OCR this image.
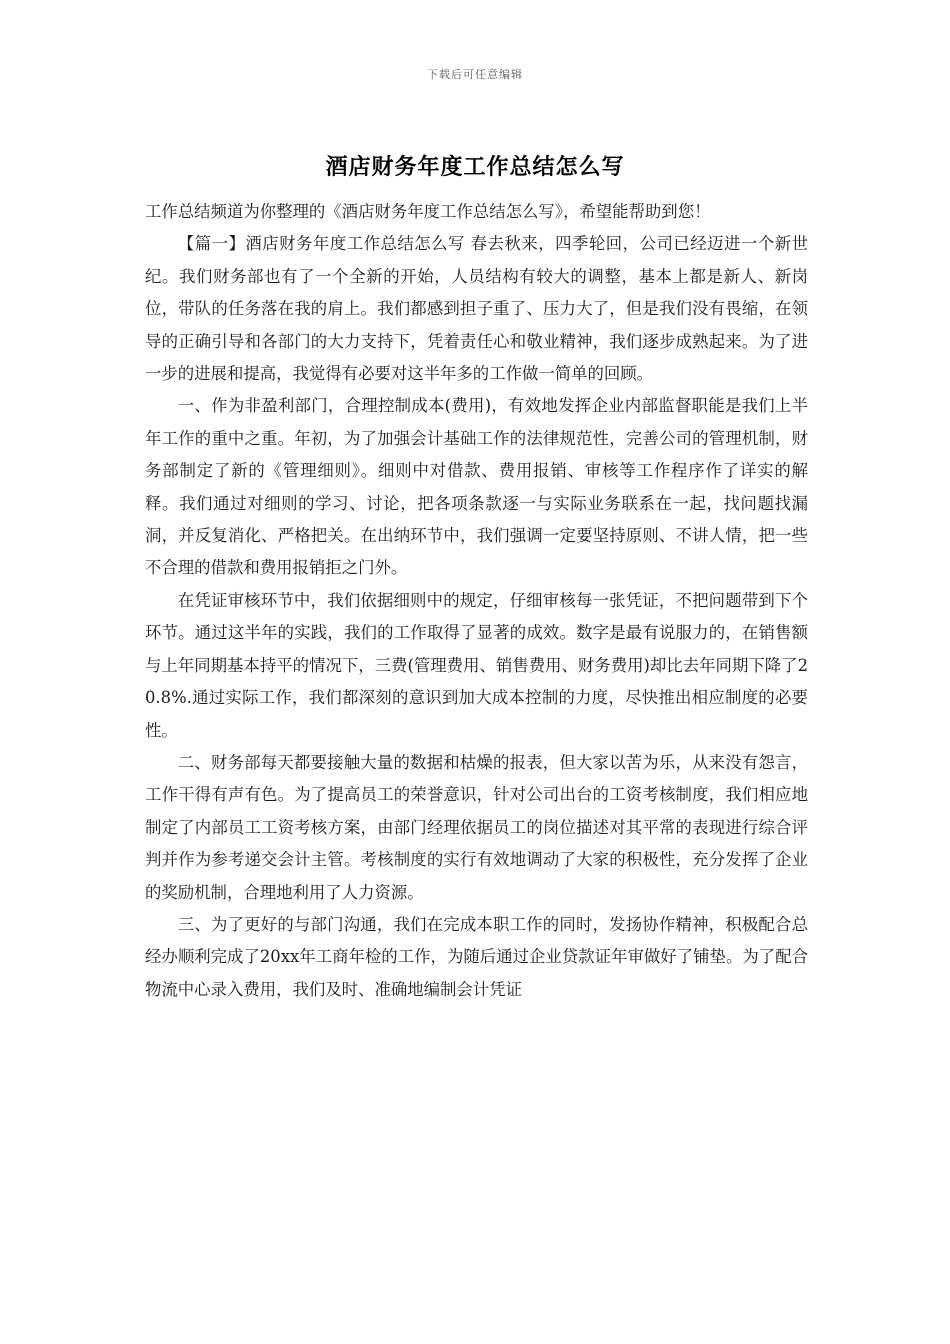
下载后可任意编辑
酒店财务年度工作总结怎么写

工作总结频道为你整理的《酒店财务年度工作总结怎么写》，希望能帮助到您！

【篇一】酒店财务年度工作总结怎么写 春去秋来，四季轮回，公司已经迈进一个新世纪。我们财务部也有了一个全新的开始，人员结构有较大的调整，基本上都是新人、新岗位，带队的任务落在我的肩上。我们都感到担子重了、压力大了，但是我们没有畏缩，在领导的正确引导和各部门的大力支持下，凭着责任心和敬业精神，我们逐步成熟起来。为了进一步的进展和提高，我觉得有必要对这半年多的工作做一简单的回顾。

一、作为非盈利部门，合理控制成本(费用)，有效地发挥企业内部监督职能是我们上半年工作的重中之重。年初，为了加强会计基础工作的法律规范性，完善公司的管理机制，财务部制定了新的《管理细则》。细则中对借款、费用报销、审核等工作程序作了详实的解释。我们通过对细则的学习、讨论，把各项条款逐一与实际业务联系在一起，找问题找漏洞，并反复消化、严格把关。在出纳环节中，我们强调一定要坚持原则、不讲人情，把一些不合理的借款和费用报销拒之门外。

在凭证审核环节中，我们依据细则中的规定，仔细审核每一张凭证，不把问题带到下个环节。通过这半年的实践，我们的工作取得了显著的成效。数字是最有说服力的，在销售额与上年同期基本持平的情况下，三费(管理费用、销售费用、财务费用)却比去年同期下降了20.8%.通过实际工作，我们都深刻的意识到加大成本控制的力度，尽快推出相应制度的必要性。

二、财务部每天都要接触大量的数据和枯燥的报表，但大家以苦为乐，从来没有怨言，工作干得有声有色。为了提高员工的荣誉意识，针对公司出台的工资考核制度，我们相应地制定了内部员工工资考核方案，由部门经理依据员工的岗位描述对其平常的表现进行综合评判并作为参考递交会计主管。考核制度的实行有效地调动了大家的积极性，充分发挥了企业的奖励机制，合理地利用了人力资源。

三、为了更好的与部门沟通，我们在完成本职工作的同时，发扬协作精神，积极配合总经办顺利完成了20xx年工商年检的工作，为随后通过企业贷款证年审做好了铺垫。为了配合物流中心录入费用，我们及时、准确地编制会计凭证
